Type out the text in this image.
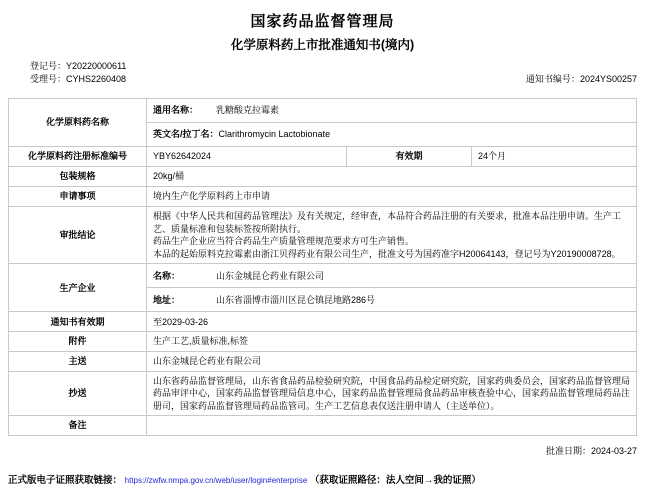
国家药品监督管理局
化学原料药上市批准通知书(境内)
登记号：Y20220000611
受理号：CYHS2260408	通知书编号：2024YS00257
化学原料药名称	通用名称： 乳糖酸克拉霉素		
	英文名/拉丁名：Clarithromycin Lactobionate		
化学原料药注册标准编号	YBY62642024	有效期	24个月
包装规格	20kg/桶		
申请事项	境内生产化学原料药上市申请		
审批结论	根据《中华人民共和国药品管理法》及有关规定，经审查，本品符合药品注册的有关要求，批准本品注册申请。生产工艺、质量标准和包装标签按所附执行。
药品生产企业应当符合药品生产质量管理规范要求方可生产销售。
本品的起始原料克拉霉素由浙江贝得药业有限公司生产，批准文号为国药准字H20064143，登记号为Y20190008728。		

生产企业	名称： 山东金城昆仑药业有限公司		
	地址： 山东省淄博市淄川区昆仑镇昆地路286号		
通知书有效期	至2029-03-26		
附件	生产工艺,质量标准,标签		
主送	山东金城昆仑药业有限公司		
抄送	山东省药品监督管理局，山东省食品药品检验研究院，中国食品药品检定研究院，国家药典委员会，国家药品监督管理局药品审评中心，国家药品监督管理局信息中心，国家药品监督管理局食品药品审核查验中心，国家药品监督管理局药品注册司，国家药品监督管理局药品监管司。生产工艺信息表仅送注册申请人（主送单位）。		
备注			
批准日期：2024-03-27
正式版电子证照获取链接： https://zwfw.nmpa.gov.cn/web/user/login#enterprise （获取证照路径：法人空间→我的证照）
